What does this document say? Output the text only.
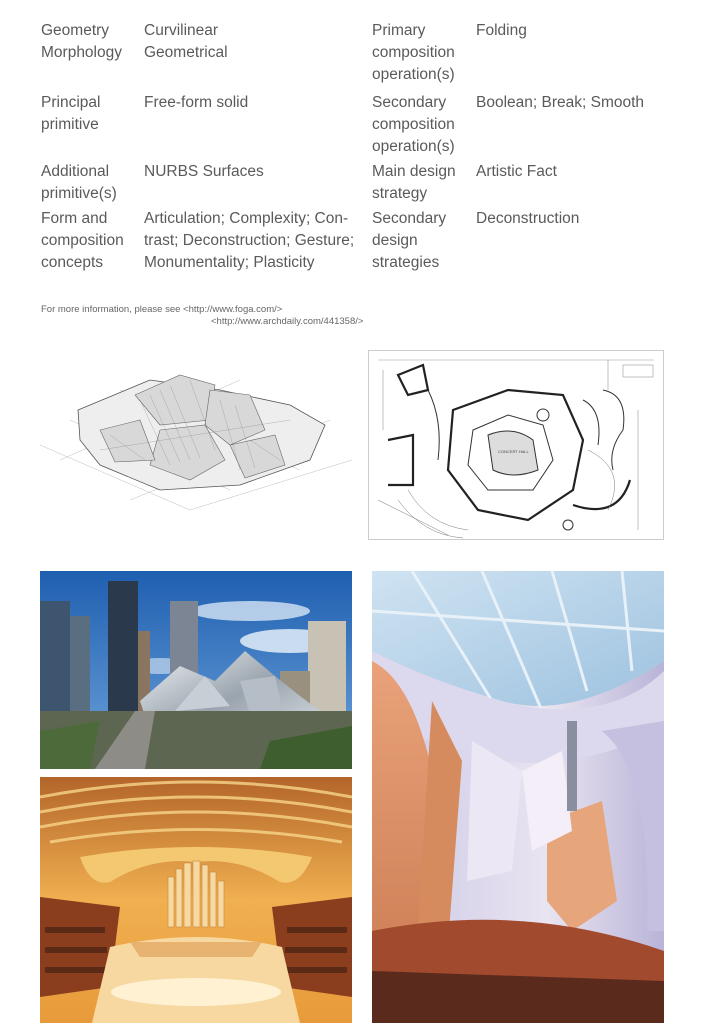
Geometry
Morphology
Curvilinear
Geometrical
Primary
composition
operation(s)
Folding
Principal
primitive
Free-form solid	Secondary
composition
operation(s)
Boolean; Break; Smooth
Additional
primitive(s)
NURBS Surfaces	Main design
strategy
Artistic Fact
Form and
composition
concepts
Articulation; Complexity; Con-
trast; Deconstruction; Gesture;
Monumentality; Plasticity
Secondary
design
strategies
Deconstruction
For more information, please see <http://www.foga.com/>
<http://www.archdaily.com/441358/>
CONCERT HALL
